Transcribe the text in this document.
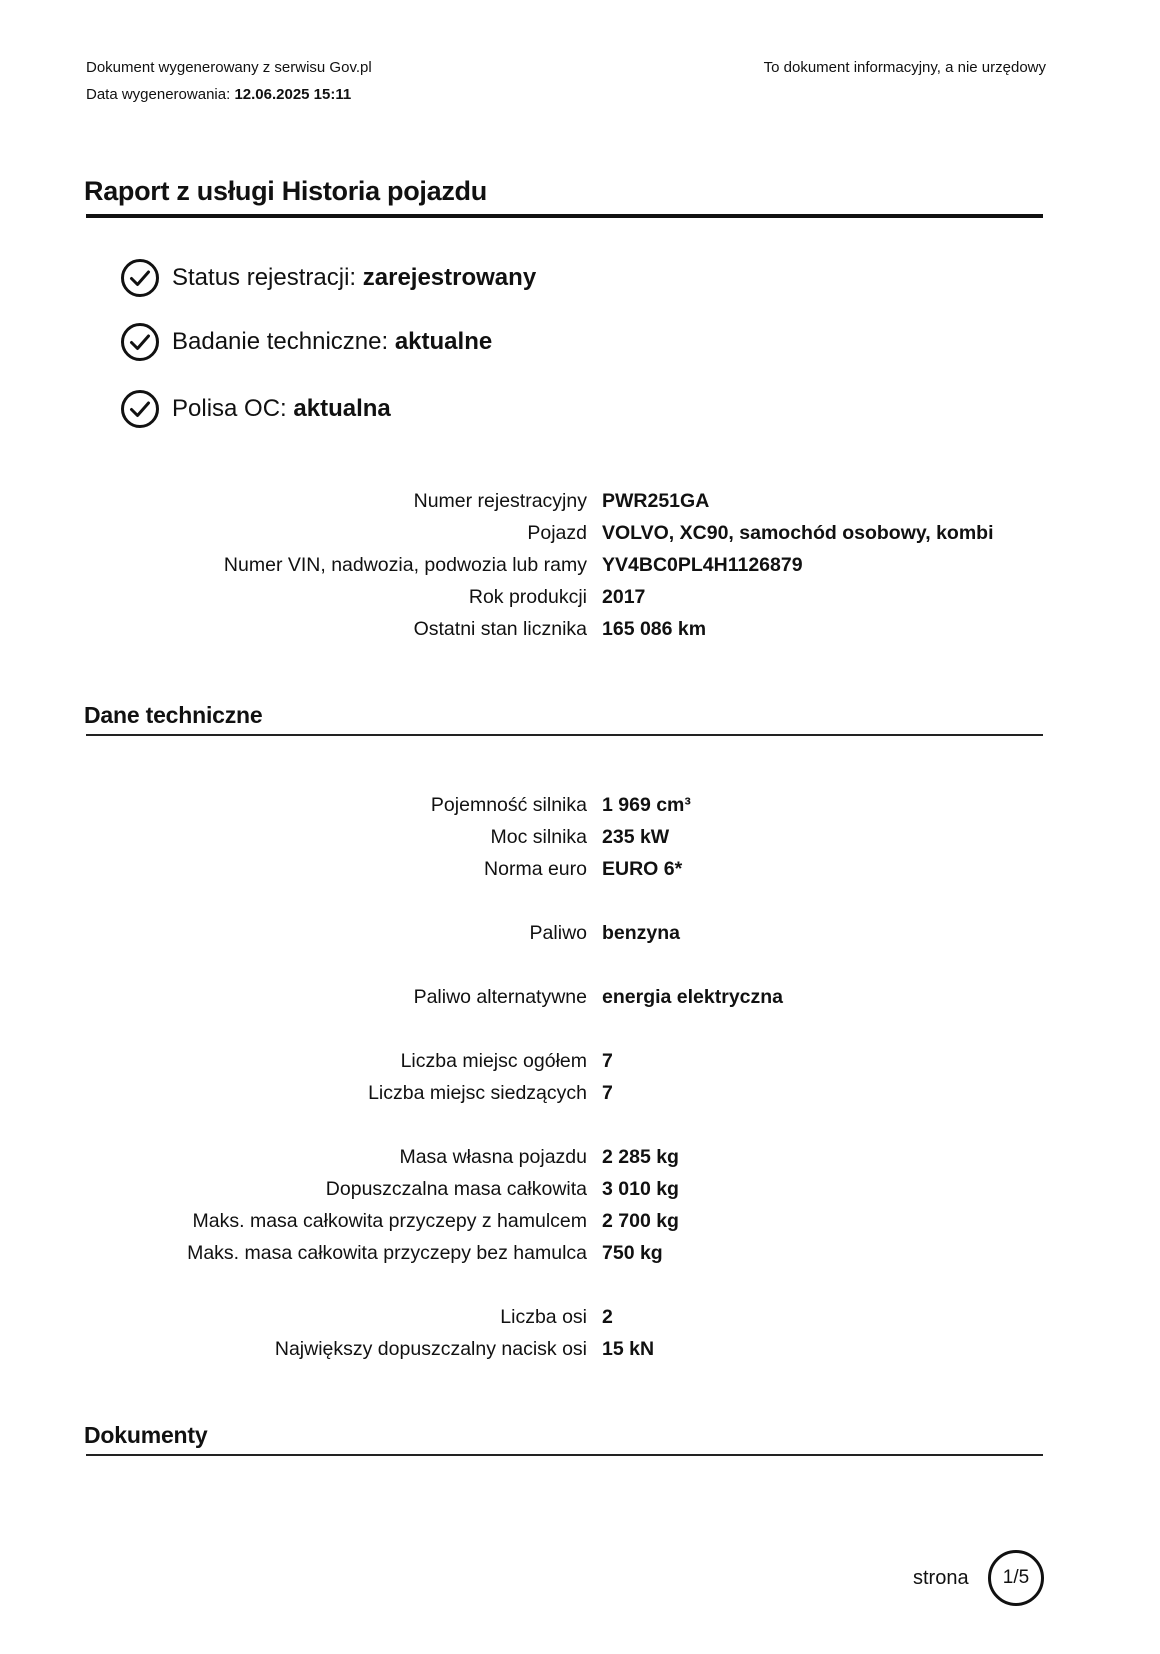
Dokument wygenerowany z serwisu Gov.pl	To dokument informacyjny, a nie urzędowy
Data wygenerowania: 12.06.2025 15:11
Raport z usługi Historia pojazdu
Status rejestracji: zarejestrowany
Badanie techniczne: aktualne
Polisa OC: aktualna
Numer rejestracyjny PWR251GA
Pojazd VOLVO, XC90, samochód osobowy, kombi
Numer VIN, nadwozia, podwozia lub ramy YV4BC0PL4H1126879
Rok produkcji 2017
Ostatni stan licznika 165 086 km
Dane techniczne
Pojemność silnika 1 969 cm³
Moc silnika 235 kW
Norma euro EURO 6*
Paliwo benzyna
Paliwo alternatywne energia elektryczna
Liczba miejsc ogółem 7
Liczba miejsc siedzących 7
Masa własna pojazdu 2 285 kg
Dopuszczalna masa całkowita 3 010 kg
Maks. masa całkowita przyczepy z hamulcem 2 700 kg
Maks. masa całkowita przyczepy bez hamulca 750 kg
Liczba osi 2
Największy dopuszczalny nacisk osi 15 kN
Dokumenty
strona 1/5
